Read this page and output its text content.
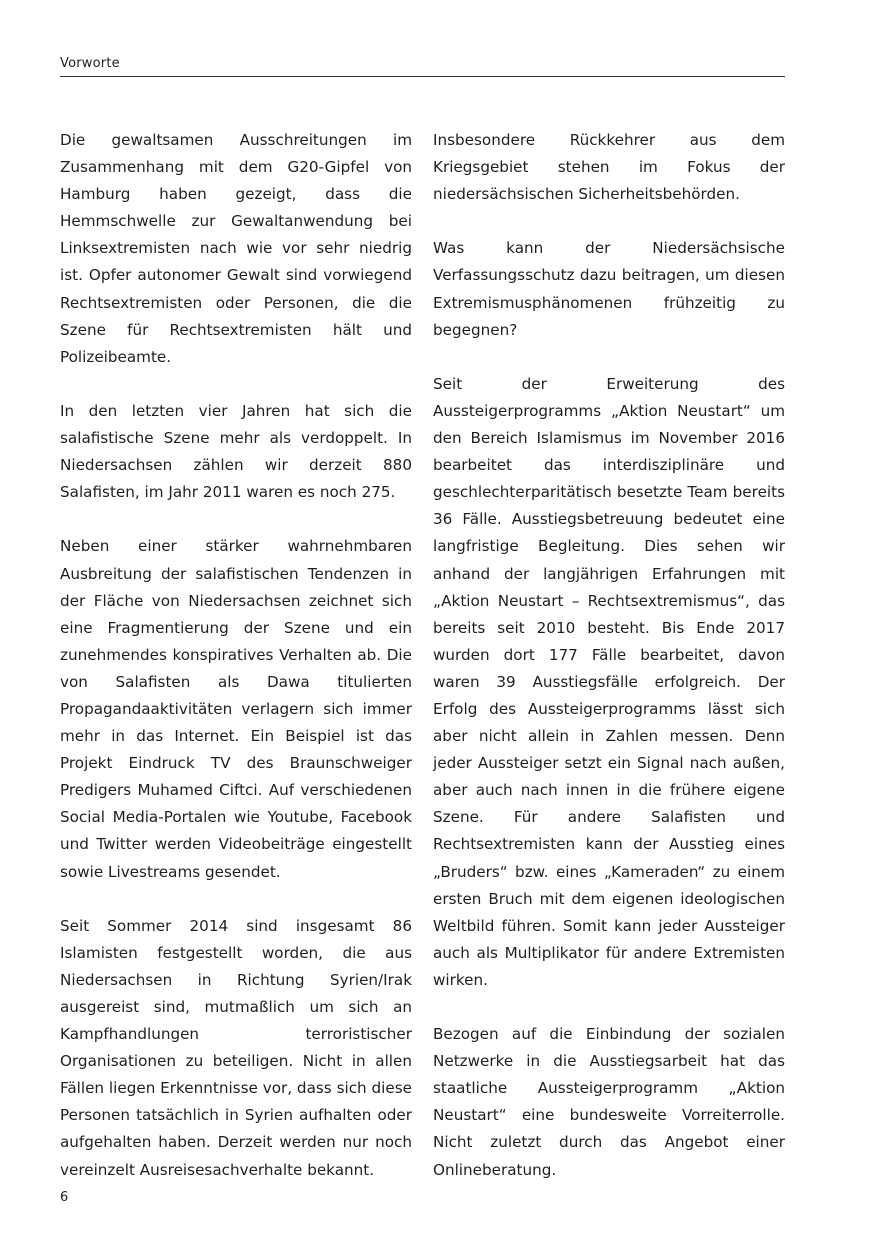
Vorworte

Die gewaltsamen Ausschreitungen im Zusammenhang mit dem G20-Gipfel von Hamburg haben gezeigt, dass die Hemmschwelle zur Gewaltanwendung bei Linksextremisten nach wie vor sehr niedrig ist. Opfer autonomer Gewalt sind vorwiegend Rechtsextremisten oder Personen, die die Szene für Rechtsextremisten hält und Polizeibeamte.

In den letzten vier Jahren hat sich die salafistische Szene mehr als verdoppelt. In Niedersachsen zählen wir derzeit 880 Salafisten, im Jahr 2011 waren es noch 275.

Neben einer stärker wahrnehmbaren Ausbreitung der salafistischen Tendenzen in der Fläche von Niedersachsen zeichnet sich eine Fragmentierung der Szene und ein zunehmendes konspiratives Verhalten ab. Die von Salafisten als Dawa titulierten Propagandaaktivitäten verlagern sich immer mehr in das Internet. Ein Beispiel ist das Projekt Eindruck TV des Braunschweiger Predigers Muhamed Ciftci. Auf verschiedenen Social Media-Portalen wie Youtube, Facebook und Twitter werden Videobeiträge eingestellt sowie Livestreams gesendet.

Seit Sommer 2014 sind insgesamt 86 Islamisten festgestellt worden, die aus Niedersachsen in Richtung Syrien/Irak ausgereist sind, mutmaßlich um sich an Kampfhandlungen terroristischer Organisationen zu beteiligen. Nicht in allen Fällen liegen Erkenntnisse vor, dass sich diese Personen tatsächlich in Syrien aufhalten oder aufgehalten haben. Derzeit werden nur noch vereinzelt Ausreisesachverhalte bekannt.

Insbesondere Rückkehrer aus dem Kriegsgebiet stehen im Fokus der niedersächsischen Sicherheitsbehörden.

Was kann der Niedersächsische Verfassungsschutz dazu beitragen, um diesen Extremismusphänomenen frühzeitig zu begegnen?

Seit der Erweiterung des Aussteigerprogramms „Aktion Neustart“ um den Bereich Islamismus im November 2016 bearbeitet das interdisziplinäre und geschlechterparitätisch besetzte Team bereits 36 Fälle. Ausstiegsbetreuung bedeutet eine langfristige Begleitung. Dies sehen wir anhand der langjährigen Erfahrungen mit „Aktion Neustart – Rechtsextremismus“, das bereits seit 2010 besteht. Bis Ende 2017 wurden dort 177 Fälle bearbeitet, davon waren 39 Ausstiegsfälle erfolgreich. Der Erfolg des Aussteigerprogramms lässt sich aber nicht allein in Zahlen messen. Denn jeder Aussteiger setzt ein Signal nach außen, aber auch nach innen in die frühere eigene Szene. Für andere Salafisten und Rechtsextremisten kann der Ausstieg eines „Bruders“ bzw. eines „Kameraden“ zu einem ersten Bruch mit dem eigenen ideologischen Weltbild führen. Somit kann jeder Aussteiger auch als Multiplikator für andere Extremisten wirken.

Bezogen auf die Einbindung der sozialen Netzwerke in die Ausstiegsarbeit hat das staatliche Aussteigerprogramm „Aktion Neustart“ eine bundesweite Vorreiterrolle. Nicht zuletzt durch das Angebot einer Onlineberatung.

6
